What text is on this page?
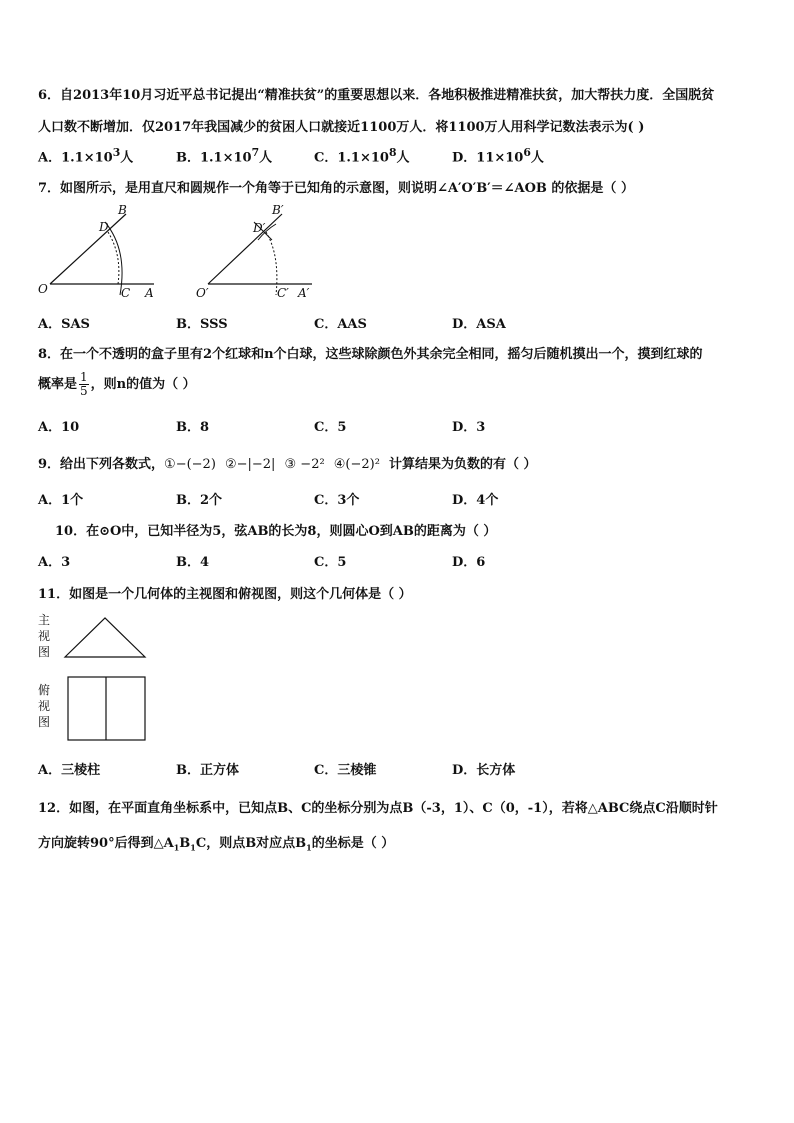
6．自2013年10月习近平总书记提出“精准扶贫”的重要思想以来．各地积极推进精准扶贫，加大帮扶力度．全国脱贫
人口数不断增加．仅2017年我国减少的贫困人口就接近1100万人．将1100万人用科学记数法表示为( )
A．$1.1\times 10^3$人	B．$1.1\times 10^7$人	C．$1.1\times 10^8$人	D．$11\times 10^6$人
7．如图所示，是用直尺和圆规作一个角等于已知角的示意图，则说明∠A′O′B′＝∠AOB 的依据是（ ）
B
D
O	C A
B′
D′
O′	C′ A′
A．SAS	B．SSS	C．AAS	D．ASA
8．在一个不透明的盒子里有2个红球和n个白球，这些球除颜色外其余完全相同，摇匀后随机摸出一个，摸到红球的
概率是 $\frac{1}{5}$ ，则n的值为（ ）
A．10	B．8	C．5	D．3
9．给出下列各数式，①−(−2) ②−|−2| ③ −2² ④(−2)² 计算结果为负数的有（ ）
A．1个	B．2个	C．3个	D．4个
10．在⊙O中，已知半径为5，弦AB的长为8，则圆心O到AB的距离为（ ）
A．3	B．4	C．5	D．6
11．如图是一个几何体的主视图和俯视图，则这个几何体是（ ）
主视图
俯视图
A．三棱柱	B．正方体	C．三棱锥	D．长方体
12．如图，在平面直角坐标系中，已知点B、C的坐标分别为点B（-3，1）、C（0，-1），若将△ABC绕点C沿顺时针
方向旋转90°后得到$\triangle A_1B_1C$，则点B对应点$B_1$的坐标是（ ）
